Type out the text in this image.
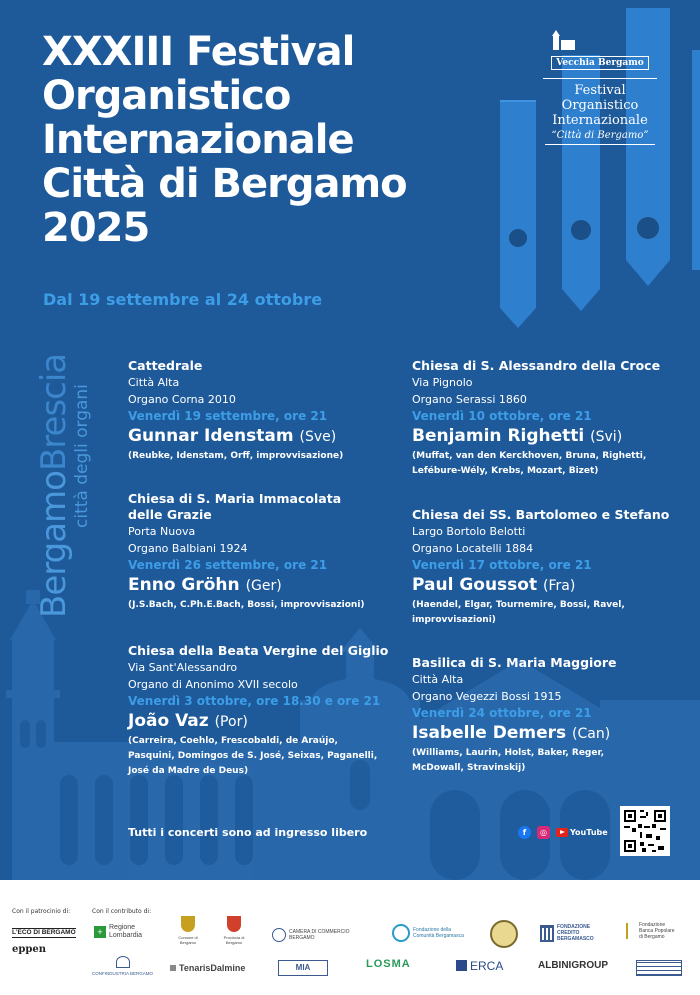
XXXIII Festival
Organistico
Internazionale
Città di Bergamo
2025
Dal 19 settembre al 24 ottobre
Vecchia Bergamo
Festival Organistico
Internazionale
“Città di Bergamo”
BergamoBrescia
città degli organi
Cattedrale
Città Alta
Organo Corna 2010
Venerdì 19 settembre, ore 21
Gunnar Idenstam (Sve)
(Reubke, Idenstam, Orff, improvvisazione)
Chiesa di S. Maria Immacolata
delle Grazie
Porta Nuova
Organo Balbiani 1924
Venerdì 26 settembre, ore 21
Enno Gröhn (Ger)
(J.S.Bach, C.Ph.E.Bach, Bossi, improvvisazioni)
Chiesa della Beata Vergine del Giglio
Via Sant'Alessandro
Organo di Anonimo XVII secolo
Venerdì 3 ottobre, ore 18.30 e ore 21
João Vaz (Por)
(Carreira, Coehlo, Frescobaldi, de Araújo,
Pasquini, Domingos de S. José, Seixas, Paganelli,
José da Madre de Deus)
Chiesa di S. Alessandro della Croce
Via Pignolo
Organo Serassi 1860
Venerdì 10 ottobre, ore 21
Benjamin Righetti (Svi)
(Muffat, van den Kerckhoven, Bruna, Righetti,
Lefébure-Wély, Krebs, Mozart, Bizet)
Chiesa dei SS. Bartolomeo e Stefano
Largo Bortolo Belotti
Organo Locatelli 1884
Venerdì 17 ottobre, ore 21
Paul Goussot (Fra)
(Haendel, Elgar, Tournemire, Bossi, Ravel,
improvvisazioni)
Basilica di S. Maria Maggiore
Città Alta
Organo Vegezzi Bossi 1915
Venerdì 24 ottobre, ore 21
Isabelle Demers (Can)
(Williams, Laurin, Holst, Baker, Reger,
McDowall, Stravinskij)
Tutti i concerti sono ad ingresso libero	f	◎	YouTube
Con il patrocinio di:	Con il contributo di:
L'ECO DI BERGAMO
eppen
+ Regione
Lombardia	Comune di Bergamo
Provincia di Bergamo
CAMERA DI COMMERCIO BERGAMO
Fondazione della
Comunità Bergamasca
FONDAZIONE
CREDITO
BERGAMASCO
Fondazione
Banca Popolare
di Bergamo
CONFINDUSTRIA BERGAMO
TenarisDalmine	MIA	LOSMA	ERCA	ALBINIGROUP
